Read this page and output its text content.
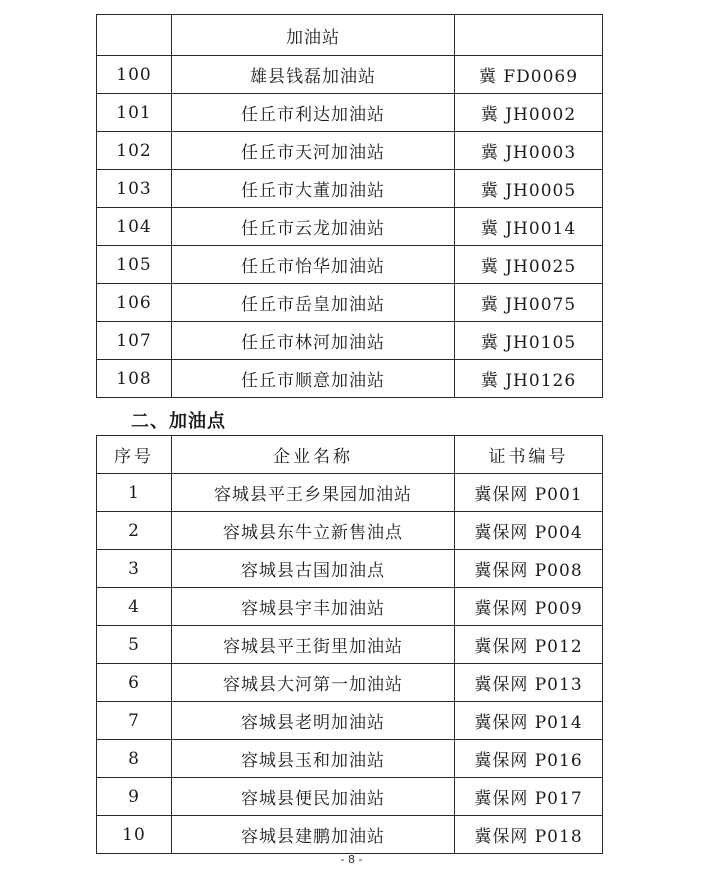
	加油站	
100	雄县钱磊加油站	冀 FD0069
101	任丘市利达加油站	冀 JH0002
102	任丘市天河加油站	冀 JH0003
103	任丘市大董加油站	冀 JH0005
104	任丘市云龙加油站	冀 JH0014
105	任丘市怡华加油站	冀 JH0025
106	任丘市岳皇加油站	冀 JH0075
107	任丘市林河加油站	冀 JH0105
108	任丘市顺意加油站	冀 JH0126
二、加油点
序号	企业名称	证书编号
1	容城县平王乡果园加油站	冀保网 P001
2	容城县东牛立新售油点	冀保网 P004
3	容城县古国加油点	冀保网 P008
4	容城县宇丰加油站	冀保网 P009
5	容城县平王街里加油站	冀保网 P012
6	容城县大河第一加油站	冀保网 P013
7	容城县老明加油站	冀保网 P014
8	容城县玉和加油站	冀保网 P016
9	容城县便民加油站	冀保网 P017
10	容城县建鹏加油站	冀保网 P018
- 8 -
